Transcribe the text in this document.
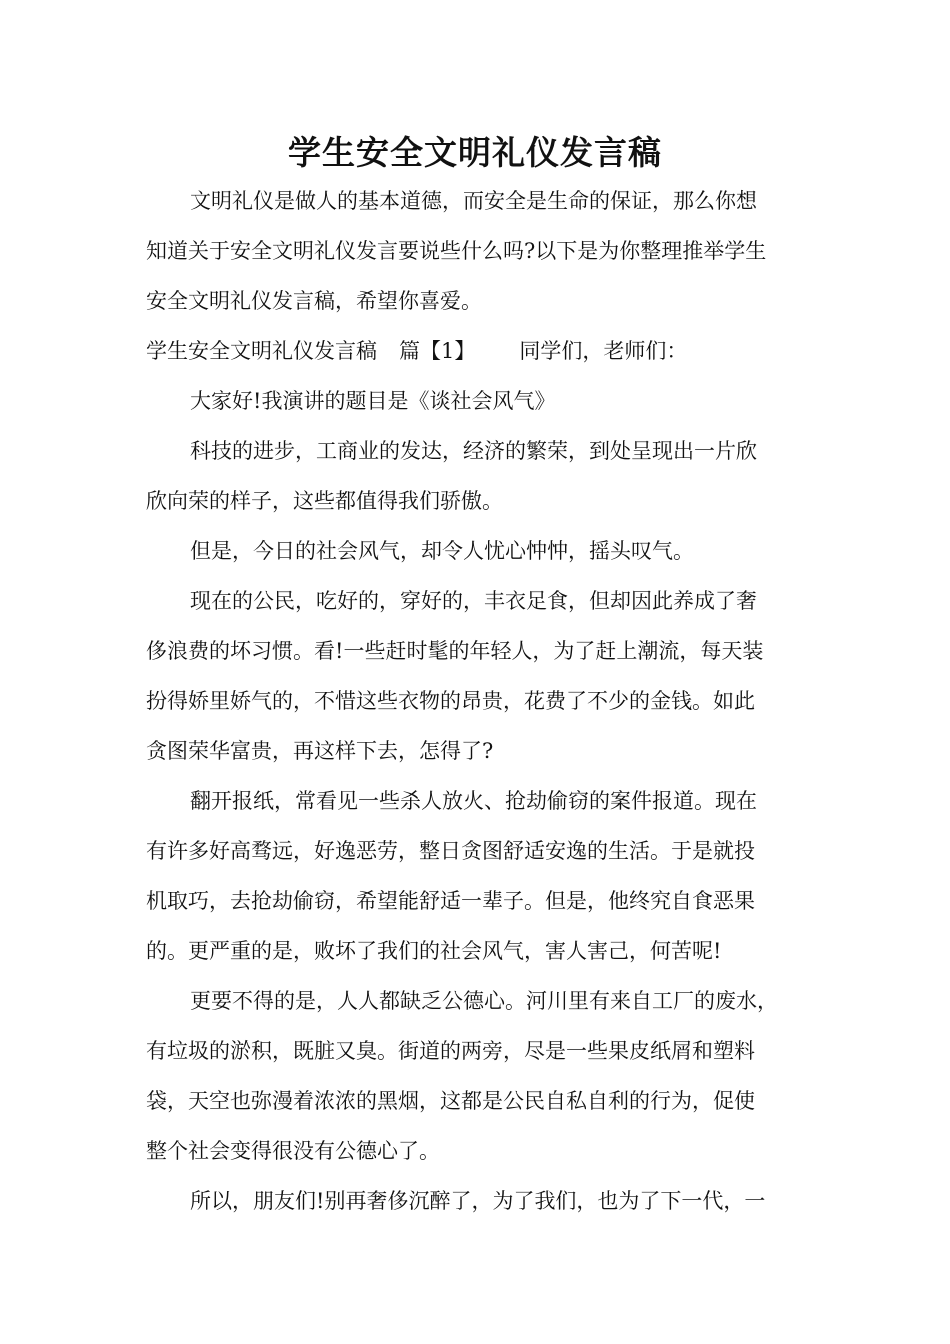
学生安全文明礼仪发言稿

文明礼仪是做人的基本道德，而安全是生命的保证，那么你想
知道关于安全文明礼仪发言要说些什么吗?以下是为你整理推举学生
安全文明礼仪发言稿，希望你喜爱。

学生安全文明礼仪发言稿 篇【1】 同学们，老师们：

大家好!我演讲的题目是《谈社会风气》

科技的进步，工商业的发达，经济的繁荣，到处呈现出一片欣
欣向荣的样子，这些都值得我们骄傲。

但是，今日的社会风气，却令人忧心忡忡，摇头叹气。

现在的公民，吃好的，穿好的，丰衣足食，但却因此养成了奢
侈浪费的坏习惯。看!一些赶时髦的年轻人，为了赶上潮流，每天装
扮得娇里娇气的，不惜这些衣物的昂贵，花费了不少的金钱。如此
贪图荣华富贵，再这样下去，怎得了?

翻开报纸，常看见一些杀人放火、抢劫偷窃的案件报道。现在
有许多好高骛远，好逸恶劳，整日贪图舒适安逸的生活。于是就投
机取巧，去抢劫偷窃，希望能舒适一辈子。但是，他终究自食恶果
的。更严重的是，败坏了我们的社会风气，害人害己，何苦呢!

更要不得的是，人人都缺乏公德心。河川里有来自工厂的废水，
有垃圾的淤积，既脏又臭。街道的两旁，尽是一些果皮纸屑和塑料
袋，天空也弥漫着浓浓的黑烟，这都是公民自私自利的行为，促使
整个社会变得很没有公德心了。

所以，朋友们!别再奢侈沉醉了，为了我们，也为了下一代，一
